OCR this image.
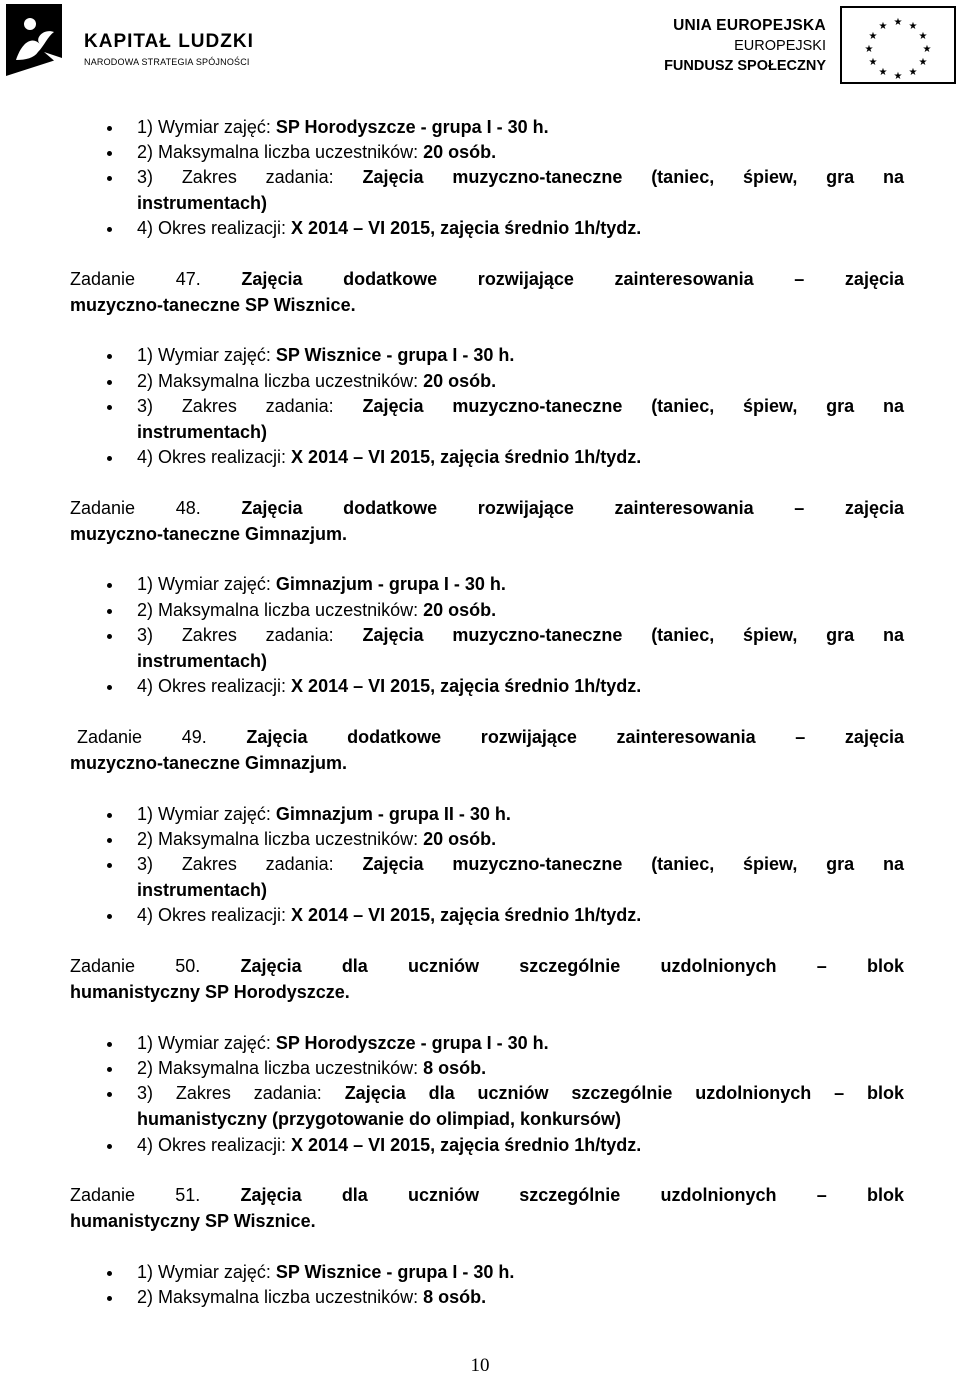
KAPITAŁ LUDZKI
NARODOWA STRATEGIA SPÓJNOŚCI
UNIA EUROPEJSKA
EUROPEJSKI
FUNDUSZ SPOŁECZNY
★ ★
★
★
★
★
★
★
★
★
★
★
1) Wymiar zajęć: SP Horodyszcze - grupa I - 30 h.
2) Maksymalna liczba uczestników: 20 osób.
3) Zakres zadania: Zajęcia muzyczno-taneczne (taniec, śpiew, gra na
instrumentach)
4) Okres realizacji: X 2014 – VI 2015, zajęcia średnio 1h/tydz.
Zadanie 47. Zajęcia dodatkowe rozwijające zainteresowania – zajęcia
muzyczno-taneczne SP Wisznice.
1) Wymiar zajęć: SP Wisznice - grupa I - 30 h.
2) Maksymalna liczba uczestników: 20 osób.
3) Zakres zadania: Zajęcia muzyczno-taneczne (taniec, śpiew, gra na
instrumentach)
4) Okres realizacji: X 2014 – VI 2015, zajęcia średnio 1h/tydz.
Zadanie 48. Zajęcia dodatkowe rozwijające zainteresowania – zajęcia
muzyczno-taneczne Gimnazjum.
1) Wymiar zajęć: Gimnazjum - grupa I - 30 h.
2) Maksymalna liczba uczestników: 20 osób.
3) Zakres zadania: Zajęcia muzyczno-taneczne (taniec, śpiew, gra na
instrumentach)
4) Okres realizacji: X 2014 – VI 2015, zajęcia średnio 1h/tydz.
Zadanie 49. Zajęcia dodatkowe rozwijające zainteresowania – zajęcia
muzyczno-taneczne Gimnazjum.
1) Wymiar zajęć: Gimnazjum - grupa II - 30 h.
2) Maksymalna liczba uczestników: 20 osób.
3) Zakres zadania: Zajęcia muzyczno-taneczne (taniec, śpiew, gra na
instrumentach)
4) Okres realizacji: X 2014 – VI 2015, zajęcia średnio 1h/tydz.
Zadanie 50. Zajęcia dla uczniów szczególnie uzdolnionych – blok
humanistyczny SP Horodyszcze.
1) Wymiar zajęć: SP Horodyszcze - grupa I - 30 h.
2) Maksymalna liczba uczestników: 8 osób.
3) Zakres zadania: Zajęcia dla uczniów szczególnie uzdolnionych – blok
humanistyczny (przygotowanie do olimpiad, konkursów)
4) Okres realizacji: X 2014 – VI 2015, zajęcia średnio 1h/tydz.
Zadanie 51. Zajęcia dla uczniów szczególnie uzdolnionych – blok
humanistyczny SP Wisznice.
1) Wymiar zajęć: SP Wisznice - grupa I - 30 h.
2) Maksymalna liczba uczestników: 8 osób.
10
